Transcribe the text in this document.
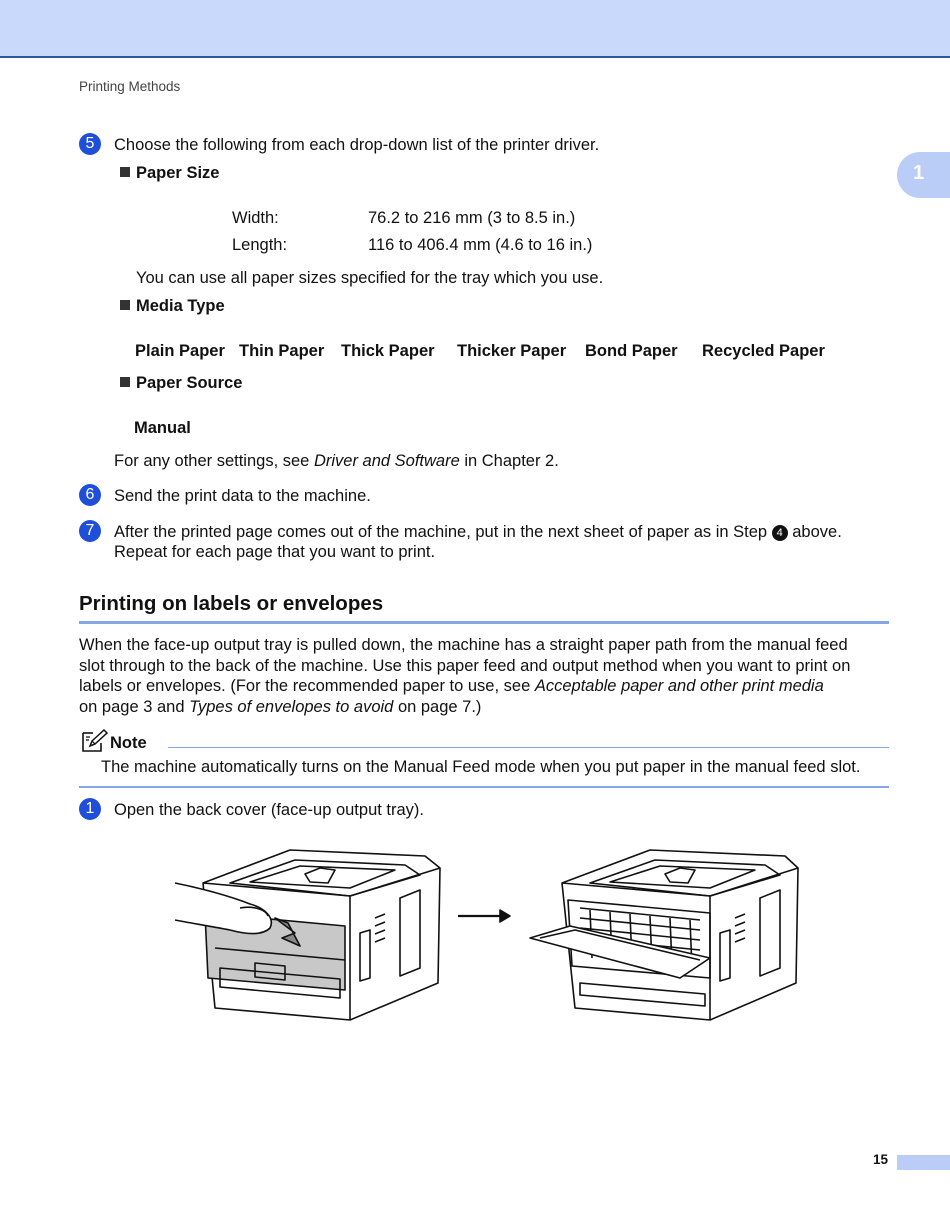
1
Printing Methods
5	Choose the following from each drop-down list of the printer driver.
Paper Size
Width:	76.2 to 216 mm (3 to 8.5 in.)
Length:	116 to 406.4 mm (4.6 to 16 in.)
You can use all paper sizes specified for the tray which you use.
Media Type
Plain Paper Thin Paper Thick Paper Thicker Paper Bond Paper Recycled Paper
Paper Source
Manual
For any other settings, see Driver and Software in Chapter 2.
6	Send the print data to the machine.
7	After the printed page comes out of the machine, put in the next sheet of paper as in Step 4 above.
Repeat for each page that you want to print.
Printing on labels or envelopes
When the face-up output tray is pulled down, the machine has a straight paper path from the manual feed
slot through to the back of the machine. Use this paper feed and output method when you want to print on
labels or envelopes. (For the recommended paper to use, see Acceptable paper and other print media
on page 3 and Types of envelopes to avoid on page 7.)
Note
The machine automatically turns on the Manual Feed mode when you put paper in the manual feed slot.
1	Open the back cover (face-up output tray).
15
